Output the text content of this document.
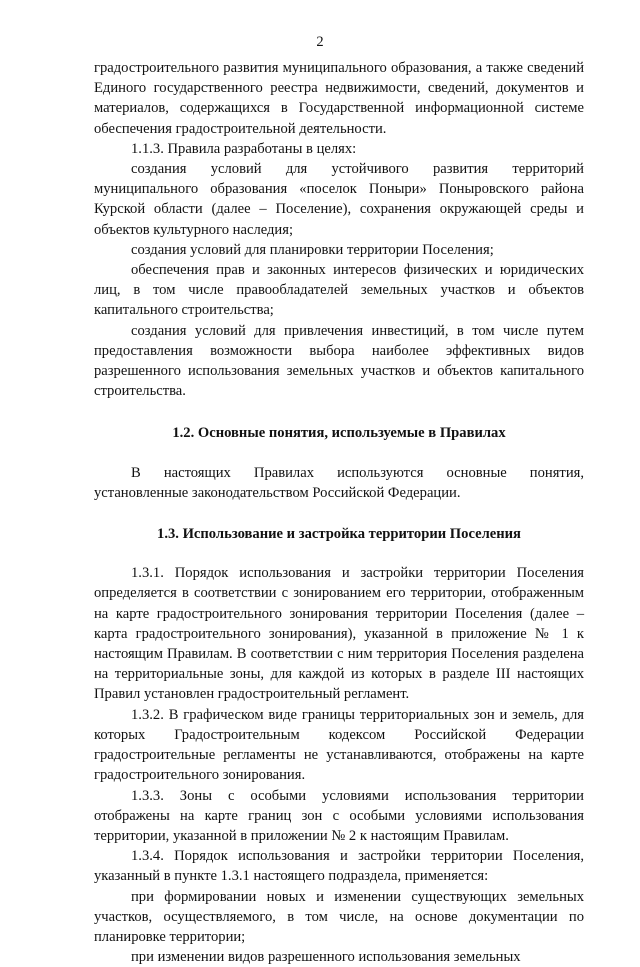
2

градостроительного развития муниципального образования, а также сведений Единого государственного реестра недвижимости, сведений, документов и материалов, содержащихся в Государственной информационной системе обеспечения градостроительной деятельности.

1.1.3. Правила разработаны в целях:

создания условий для устойчивого развития территорий муниципального образования «поселок Поныри» Поныровского района Курской области (далее – Поселение), сохранения окружающей среды и объектов культурного наследия;

создания условий для планировки территории Поселения;

обеспечения прав и законных интересов физических и юридических лиц, в том числе правообладателей земельных участков и объектов капитального строительства;

создания условий для привлечения инвестиций, в том числе путем предоставления возможности выбора наиболее эффективных видов разрешенного использования земельных участков и объектов капитального строительства.

1.2. Основные понятия, используемые в Правилах

В настоящих Правилах используются основные понятия, установленные законодательством Российской Федерации.

1.3. Использование и застройка территории Поселения

1.3.1. Порядок использования и застройки территории Поселения определяется в соответствии с зонированием его территории, отображенным на карте градостроительного зонирования территории Поселения (далее – карта градостроительного зонирования), указанной в приложение № 1 к настоящим Правилам. В соответствии с ним территория Поселения разделена на территориальные зоны, для каждой из которых в разделе III настоящих Правил установлен градостроительный регламент.

1.3.2. В графическом виде границы территориальных зон и земель, для которых Градостроительным кодексом Российской Федерации градостроительные регламенты не устанавливаются, отображены на карте градостроительного зонирования.

1.3.3. Зоны с особыми условиями использования территории отображены на карте границ зон с особыми условиями использования территории, указанной в приложении № 2 к настоящим Правилам.

1.3.4. Порядок использования и застройки территории Поселения, указанный в пункте 1.3.1 настоящего подраздела, применяется:

при формировании новых и изменении существующих земельных участков, осуществляемого, в том числе, на основе документации по планировке территории;

при изменении видов разрешенного использования земельных
